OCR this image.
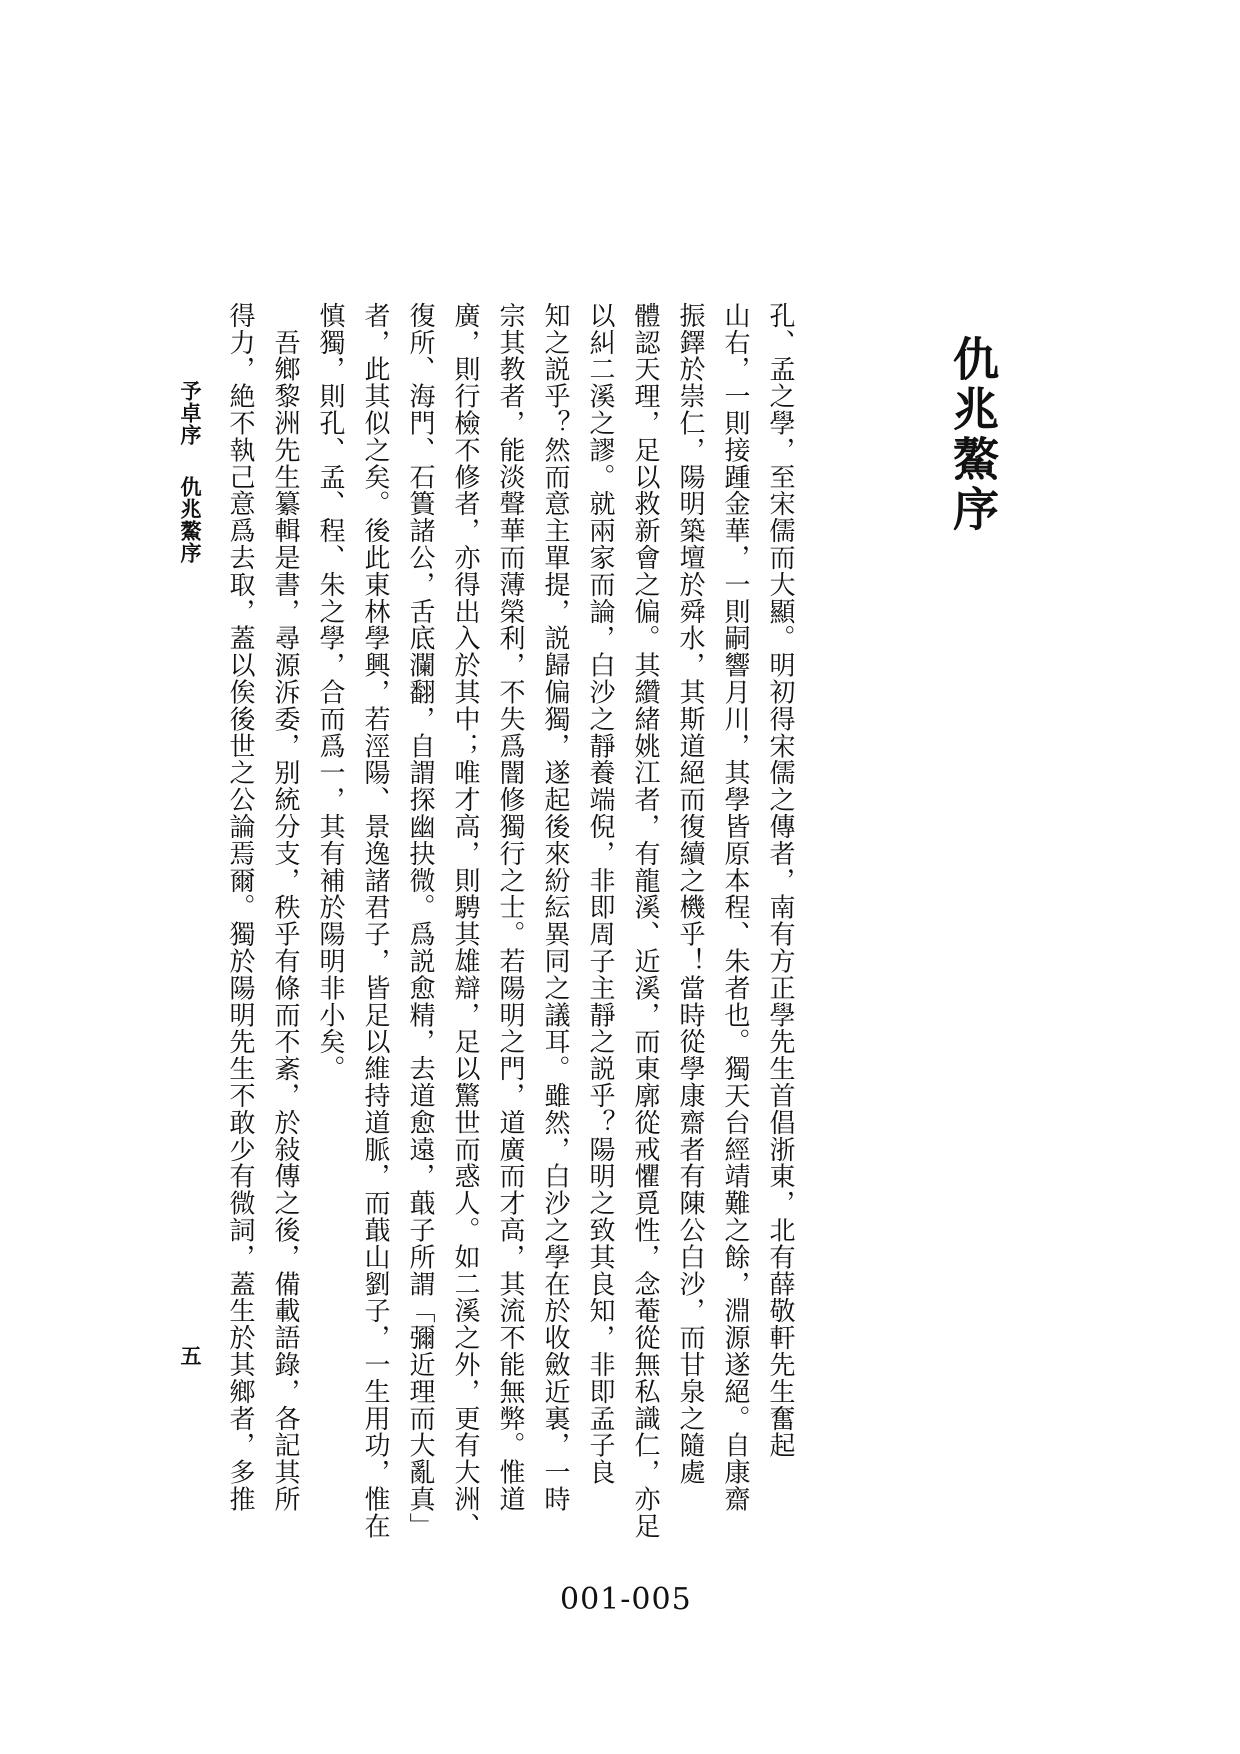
仇兆鰲序

孔、孟之學，至宋儒而大顯。明初得宋儒之傳者，南有方正學先生首倡浙東，北有薛敬軒先生奮起

山右，一則接踵金華，一則嗣響月川，其學皆原本程、朱者也。獨天台經靖難之餘，淵源遂絕。自康齋

振鐸於崇仁，陽明築壇於舜水，其斯道絕而復續之機乎！當時從學康齋者有陳公白沙，而甘泉之隨處

體認天理，足以救新會之偏。其纘緒姚江者，有龍溪、近溪，而東廓從戒懼覓性，念菴從無私識仁，亦足

以糾二溪之謬。就兩家而論，白沙之靜養端倪，非即周子主靜之説乎？陽明之致其良知，非即孟子良

知之説乎？然而意主單提，説歸偏獨，遂起後來紛紜異同之議耳。雖然，白沙之學在於收斂近裏，一時

宗其教者，能淡聲華而薄榮利，不失爲闇修獨行之士。若陽明之門，道廣而才高，其流不能無弊。惟道

廣，則行檢不修者，亦得出入於其中；唯才高，則騁其雄辯，足以驚世而惑人。如二溪之外，更有大洲、

復所、海門、石簣諸公，舌底瀾翻，自謂探幽抉微。爲説愈精，去道愈遠，蕺子所謂「彌近理而大亂真」

者，此其似之矣。後此東林學興，若涇陽、景逸諸君子，皆足以維持道脈，而蕺山劉子，一生用功，惟在

慎獨，則孔、孟、程、朱之學，合而爲一，其有補於陽明非小矣。

　吾鄉黎洲先生纂輯是書，尋源泝委，别統分支，秩乎有條而不紊，於敍傳之後，備載語錄，各記其所

得力，絶不執己意爲去取，蓋以俟後世之公論焉爾。獨於陽明先生不敢少有微詞，蓋生於其鄉者，多推

予卓序仇兆鰲序
五

001-005
